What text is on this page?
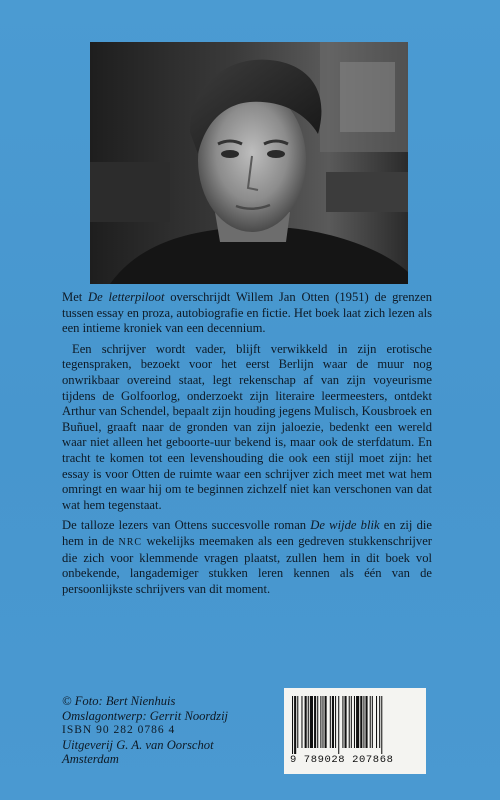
Met De letterpiloot overschrijdt Willem Jan Otten (1951) de grenzen tussen essay en proza, autobiografie en fictie. Het boek laat zich lezen als een intieme kroniek van een decennium.

Een schrijver wordt vader, blijft verwikkeld in zijn erotische tegenspraken, bezoekt voor het eerst Berlijn waar de muur nog onwrikbaar overeind staat, legt rekenschap af van zijn voyeurisme tijdens de Golfoorlog, onderzoekt zijn literaire leermeesters, ontdekt Arthur van Schendel, bepaalt zijn houding jegens Mulisch, Kousbroek en Buñuel, graaft naar de gronden van zijn jaloezie, bedenkt een wereld waar niet alleen het geboorte-uur bekend is, maar ook de sterfdatum. En tracht te komen tot een levenshouding die ook een stijl moet zijn: het essay is voor Otten de ruimte waar een schrijver zich meet met wat hem omringt en waar hij om te beginnen zichzelf niet kan verschonen van dat wat hem tegenstaat.

De talloze lezers van Ottens succesvolle roman De wijde blik en zij die hem in de NRC wekelijks meemaken als een gedreven stukkenschrijver die zich voor klemmende vragen plaatst, zullen hem in dit boek vol onbekende, langademiger stukken leren kennen als één van de persoonlijkste schrijvers van dit moment.

© Foto: Bert Nienhuis
Omslagontwerp: Gerrit Noordzij
ISBN 90 282 0786 4
Uitgeverij G. A. van Oorschot
Amsterdam	9 789028 207868
